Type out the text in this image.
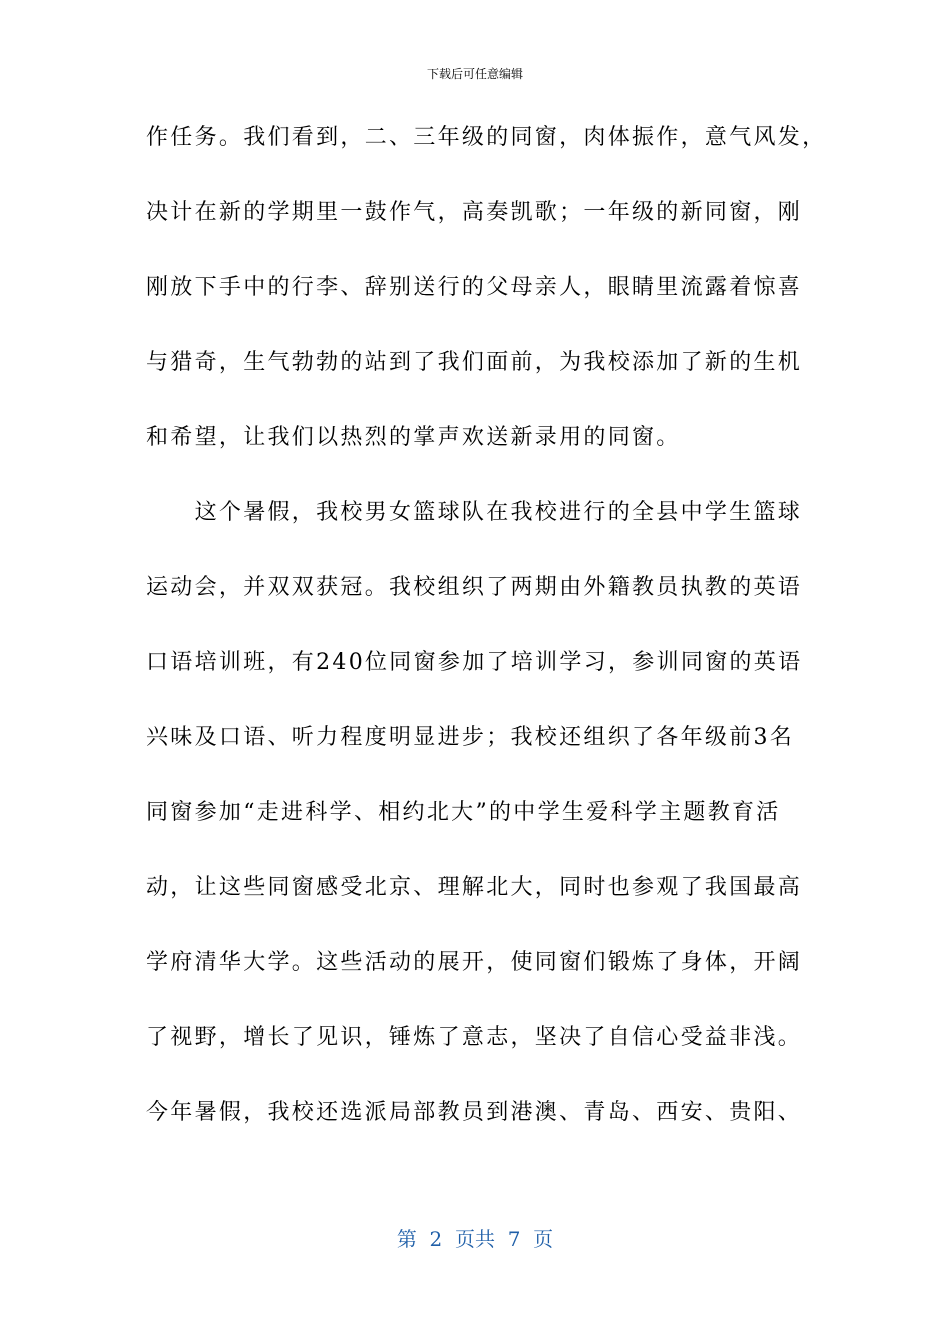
下载后可任意编辑
作任务。我们看到，二、三年级的同窗，肉体振作，意气风发，
决计在新的学期里一鼓作气，高奏凯歌；一年级的新同窗，刚
刚放下手中的行李、辞别送行的父母亲人，眼睛里流露着惊喜
与猎奇，生气勃勃的站到了我们面前，为我校添加了新的生机
和希望，让我们以热烈的掌声欢送新录用的同窗。
　　这个暑假，我校男女篮球队在我校进行的全县中学生篮球
运动会，并双双获冠。我校组织了两期由外籍教员执教的英语
口语培训班，有240位同窗参加了培训学习，参训同窗的英语
兴味及口语、听力程度明显进步；我校还组织了各年级前3名
同窗参加“走进科学、相约北大”的中学生爱科学主题教育活
动，让这些同窗感受北京、理解北大，同时也参观了我国最高
学府清华大学。这些活动的展开，使同窗们锻炼了身体，开阔
了视野，增长了见识，锤炼了意志，坚决了自信心受益非浅。
今年暑假，我校还选派局部教员到港澳、青岛、西安、贵阳、
第  2  页共  7  页
